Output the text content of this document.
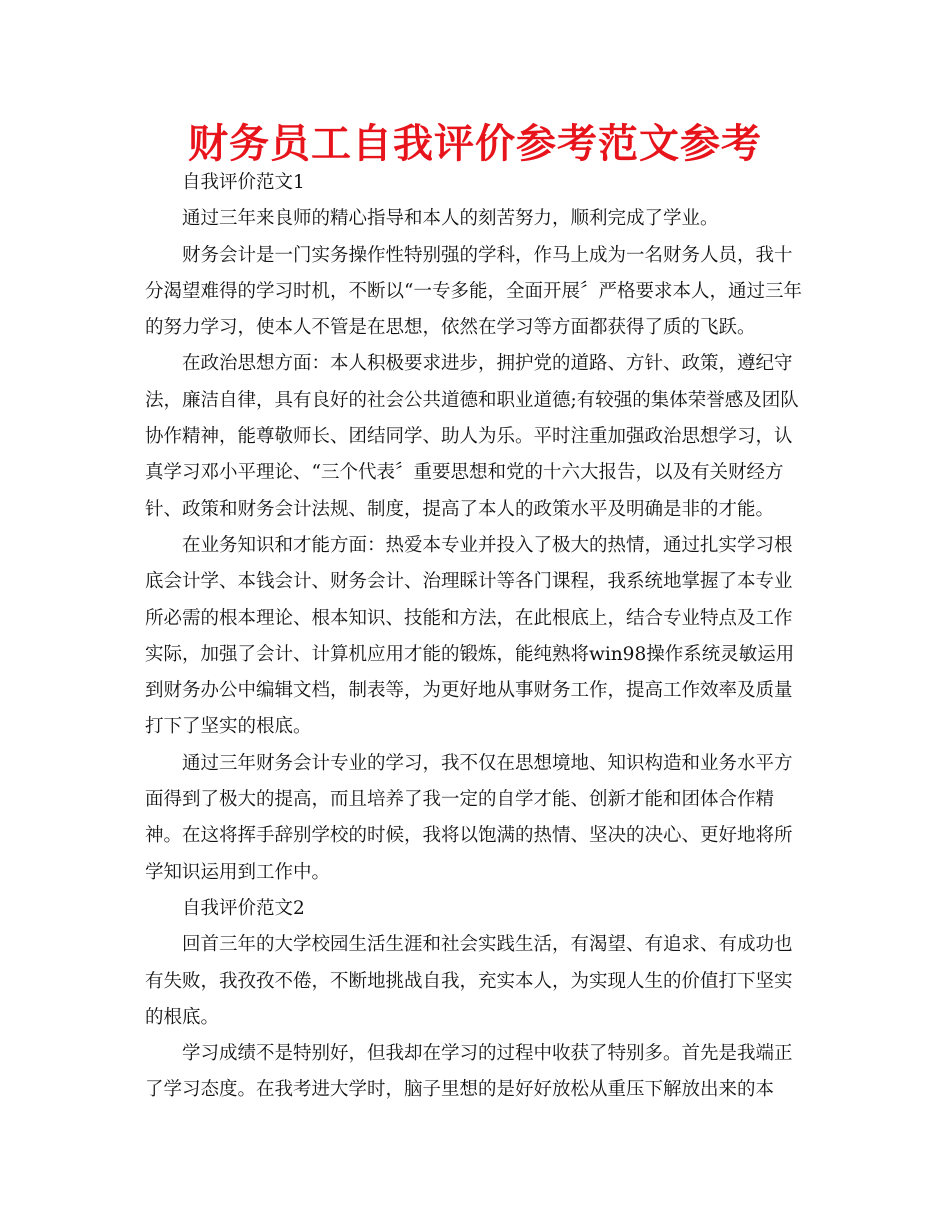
财务员工自我评价参考范文参考
自我评价范文1
通过三年来良师的精心指导和本人的刻苦努力，顺利完成了学业。
财务会计是一门实务操作性特别强的学科，作马上成为一名财务人员，我十
分渴望难得的学习时机，不断以“一专多能，全面开展〞严格要求本人，通过三年
的努力学习，使本人不管是在思想，依然在学习等方面都获得了质的飞跃。
在政治思想方面：本人积极要求进步，拥护党的道路、方针、政策，遵纪守
法，廉洁自律，具有良好的社会公共道德和职业道德;有较强的集体荣誉感及团队
协作精神，能尊敬师长、团结同学、助人为乐。平时注重加强政治思想学习，认
真学习邓小平理论、“三个代表〞重要思想和党的十六大报告，以及有关财经方
针、政策和财务会计法规、制度，提高了本人的政策水平及明确是非的才能。
在业务知识和才能方面：热爱本专业并投入了极大的热情，通过扎实学习根
底会计学、本钱会计、财务会计、治理睬计等各门课程，我系统地掌握了本专业
所必需的根本理论、根本知识、技能和方法，在此根底上，结合专业特点及工作
实际，加强了会计、计算机应用才能的锻炼，能纯熟将win98操作系统灵敏运用
到财务办公中编辑文档，制表等，为更好地从事财务工作，提高工作效率及质量
打下了坚实的根底。
通过三年财务会计专业的学习，我不仅在思想境地、知识构造和业务水平方
面得到了极大的提高，而且培养了我一定的自学才能、创新才能和团体合作精
神。在这将挥手辞别学校的时候，我将以饱满的热情、坚决的决心、更好地将所
学知识运用到工作中。
自我评价范文2
回首三年的大学校园生活生涯和社会实践生活，有渴望、有追求、有成功也
有失败，我孜孜不倦，不断地挑战自我，充实本人，为实现人生的价值打下坚实
的根底。
学习成绩不是特别好，但我却在学习的过程中收获了特别多。首先是我端正
了学习态度。在我考进大学时，脑子里想的是好好放松从重压下解放出来的本
